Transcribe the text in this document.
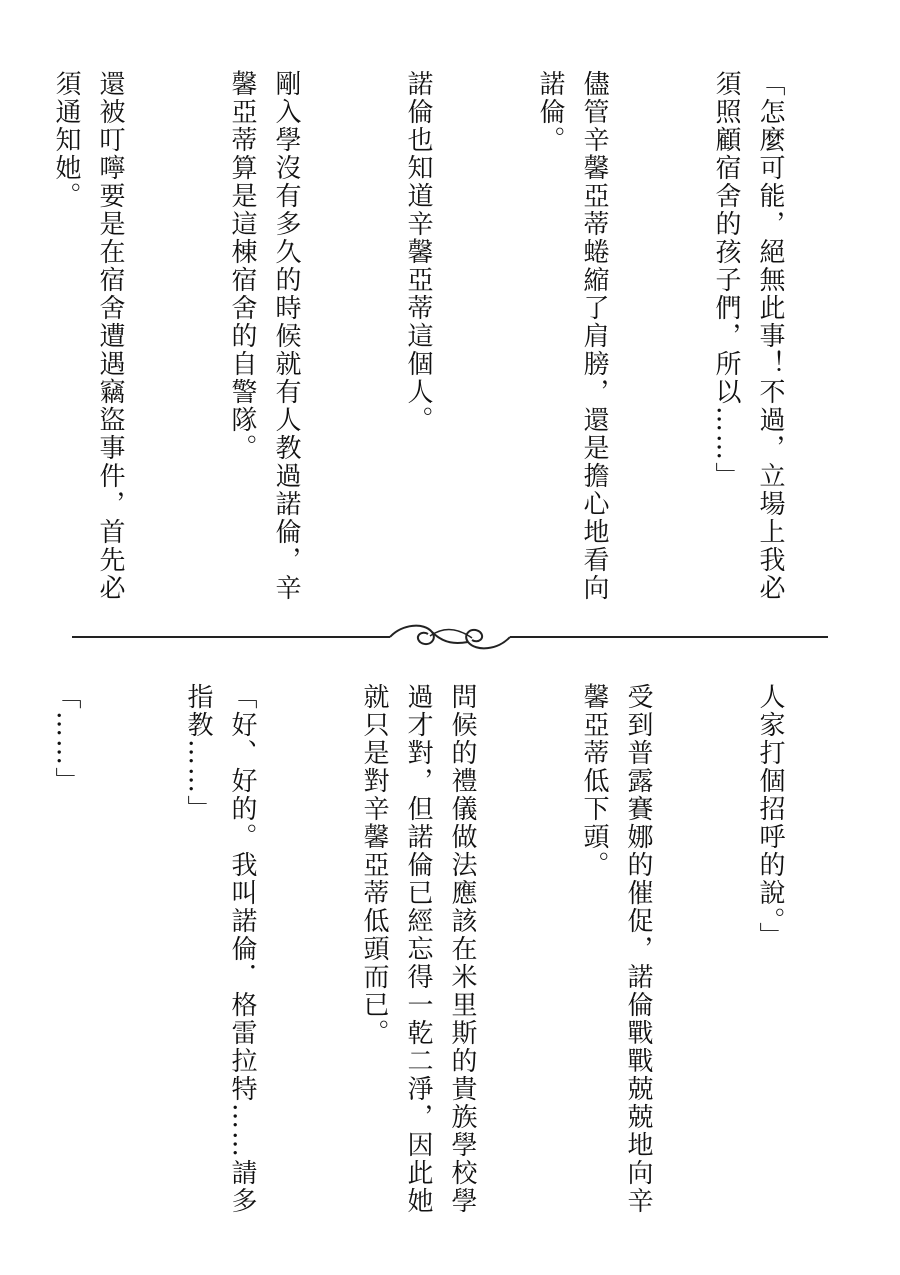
「怎麼可能，絕無此事！不過，立場上我必須照顧宿舍的孩子們，所以……」

儘管辛馨亞蒂蜷縮了肩膀，還是擔心地看向諾倫。

諾倫也知道辛馨亞蒂這個人。

剛入學沒有多久的時候就有人教過諾倫，辛馨亞蒂算是這棟宿舍的自警隊。

還被叮嚀要是在宿舍遭遇竊盜事件，首先必須通知她。

人家打個招呼的說。」

受到普露賽娜的催促，諾倫戰戰兢兢地向辛馨亞蒂低下頭。

問候的禮儀做法應該在米里斯的貴族學校學過才對，但諾倫已經忘得一乾二淨，因此她就只是對辛馨亞蒂低頭而已。

「好、好的。我叫諾倫．格雷拉特……請多指教……」

「……」
